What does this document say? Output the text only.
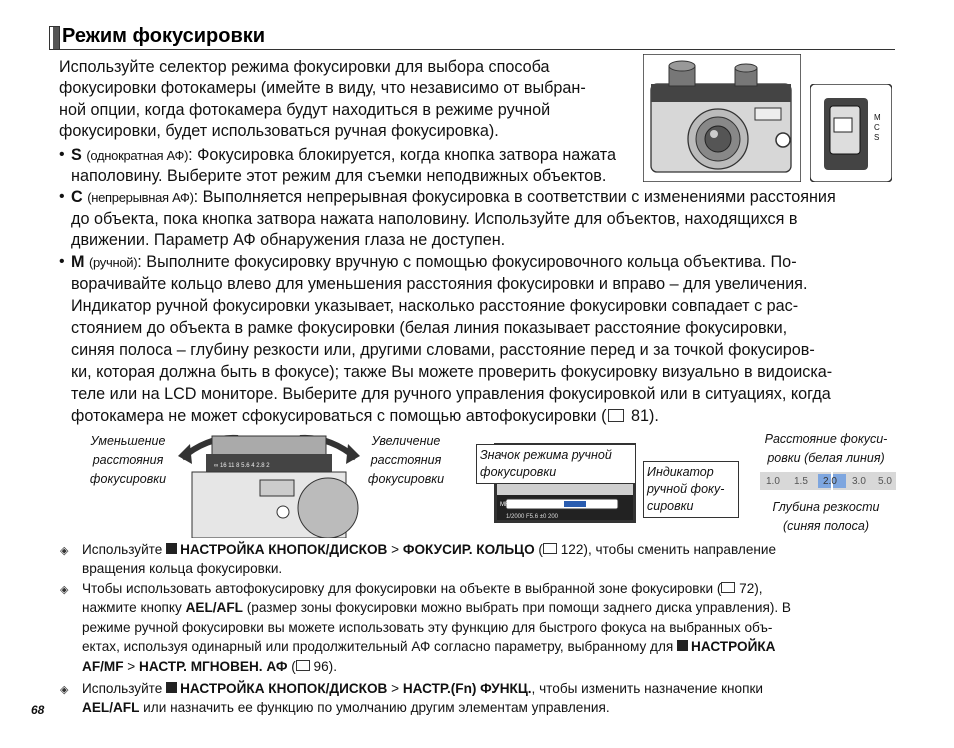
Режим фокусировки
Используйте селектор режима фокусировки для выбора способа
фокусировки фотокамеры (имейте в виду, что независимо от выбран-
ной опции, когда фотокамера будут находиться в режиме ручной
фокусировки, будет использоваться ручная фокусировка).
• S (однократная АФ): Фокусировка блокируется, когда кнопка затвора нажата
наполовину. Выберите этот режим для съемки неподвижных объектов.
• C (непрерывная АФ): Выполняется непрерывная фокусировка в соответствии с изменениями расстояния
до объекта, пока кнопка затвора нажата наполовину. Используйте для объектов, находящихся в
движении. Параметр АФ обнаружения глаза не доступен.
• M (ручной): Выполните фокусировку вручную с помощью фокусировочного кольца объектива. По-
ворачивайте кольцо влево для уменьшения расстояния фокусировки и вправо – для увеличения.
Индикатор ручной фокусировки указывает, насколько расстояние фокусировки совпадает с рас-
стоянием до объекта в рамке фокусировки (белая линия показывает расстояние фокусировки,
синяя полоса – глубину резкости или, другими словами, расстояние перед и за точкой фокусиров-
ки, которая должна быть в фокусе); также Вы можете проверить фокусировку визуально в видоиска-
теле или на LCD мониторе. Выберите для ручного управления фокусировкой или в ситуациях, когда
фотокамера не может сфокусироваться с помощью автофокусировки ( 81).
M
C
S
Уменьшение
расстояния
фокусировки
Увеличение
расстояния
фокусировки
∞ 16 11 8 5.6 4 2.8 2
MF
1/2000 F5.6 ±0 200
Значок режима ручной
фокусировки	Индикатор
ручной фоку-
сировки
Расстояние фокуси-
ровки (белая линия)
1.0 1.5 2.0 3.0 5.0
Глубина резкости
(синяя полоса)
◈ Используйте НАСТРОЙКА КНОПОК/ДИСКОВ > ФОКУСИР. КОЛЬЦО ( 122), чтобы сменить направление
вращения кольца фокусировки.
◈ Чтобы использовать автофокусировку для фокусировки на объекте в выбранной зоне фокусировки ( 72),
нажмите кнопку AEL/AFL (размер зоны фокусировки можно выбрать при помощи заднего диска управления). В
режиме ручной фокусировки вы можете использовать эту функцию для быстрого фокуса на выбранных объ-
ектах, используя одинарный или продолжительный АФ согласно параметру, выбранному для НАСТРОЙКА
AF/MF > НАСТР. МГНОВЕН. АФ ( 96).
◈ Используйте НАСТРОЙКА КНОПОК/ДИСКОВ > НАСТР.(Fn) ФУНКЦ., чтобы изменить назначение кнопки
AEL/AFL или назначить ее функцию по умолчанию другим элементам управления.
68
